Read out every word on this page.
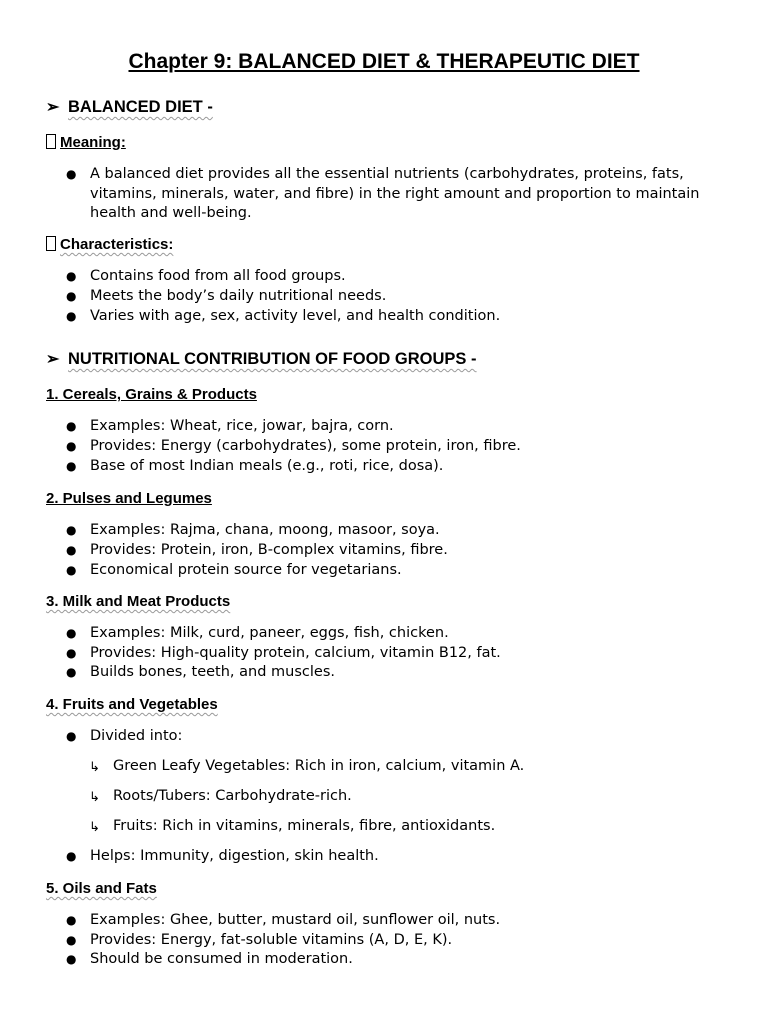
Chapter 9: BALANCED DIET & THERAPEUTIC DIET
➢ BALANCED DIET -
Meaning:
● A balanced diet provides all the essential nutrients (carbohydrates, proteins, fats, vitamins, minerals, water, and fibre) in the right amount and proportion to maintain health and well-being.
Characteristics:
● Contains food from all food groups.
● Meets the body’s daily nutritional needs.
● Varies with age, sex, activity level, and health condition.
➢ NUTRITIONAL CONTRIBUTION OF FOOD GROUPS -
1. Cereals, Grains & Products
● Examples: Wheat, rice, jowar, bajra, corn.
● Provides: Energy (carbohydrates), some protein, iron, fibre.
● Base of most Indian meals (e.g., roti, rice, dosa).
2. Pulses and Legumes
● Examples: Rajma, chana, moong, masoor, soya.
● Provides: Protein, iron, B-complex vitamins, fibre.
● Economical protein source for vegetarians.
3. Milk and Meat Products
● Examples: Milk, curd, paneer, eggs, fish, chicken.
● Provides: High-quality protein, calcium, vitamin B12, fat.
● Builds bones, teeth, and muscles.
4. Fruits and Vegetables
● Divided into:
↳ Green Leafy Vegetables: Rich in iron, calcium, vitamin A.
↳ Roots/Tubers: Carbohydrate-rich.
↳ Fruits: Rich in vitamins, minerals, fibre, antioxidants.
● Helps: Immunity, digestion, skin health.
5. Oils and Fats
● Examples: Ghee, butter, mustard oil, sunflower oil, nuts.
● Provides: Energy, fat-soluble vitamins (A, D, E, K).
● Should be consumed in moderation.
